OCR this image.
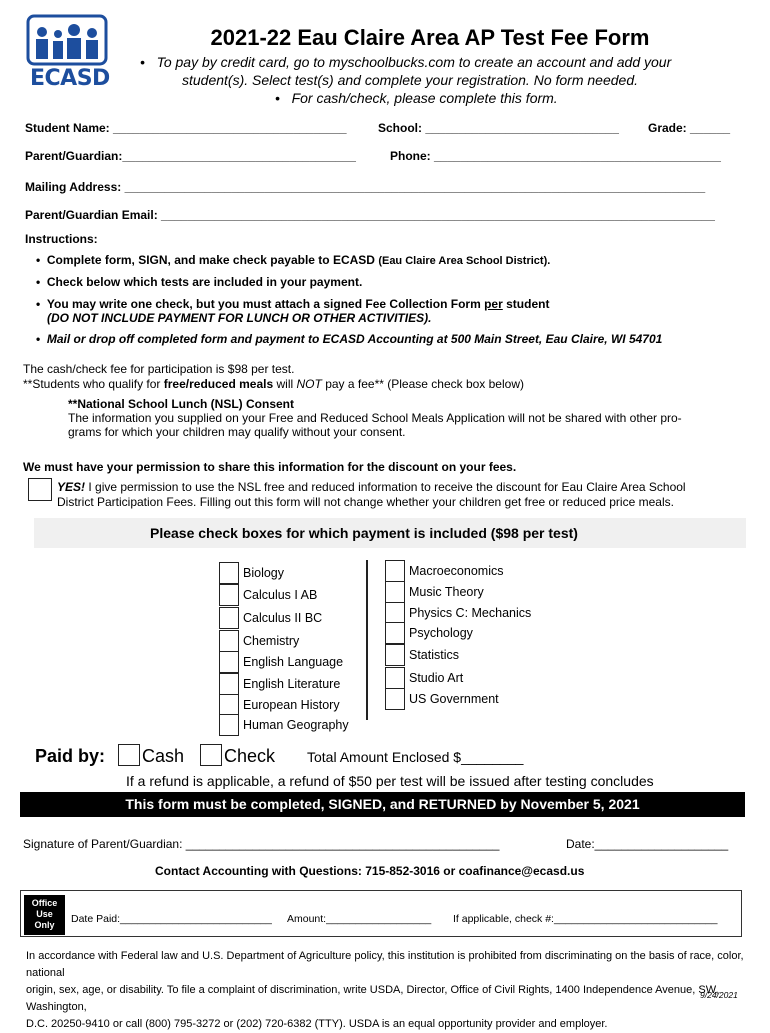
ECASD
2021-22 Eau Claire Area AP Test Fee Form
•   To pay by credit card, go to myschoolbucks.com to create an account and add your
student(s). Select test(s) and complete your registration. No form needed.
•   For cash/check, please complete this form.
Student Name: ___________________________________	School: _____________________________ Grade: ______
Parent/Guardian:___________________________________	Phone: ___________________________________________
Mailing Address: _______________________________________________________________________________________
Parent/Guardian Email: ___________________________________________________________________________________
Instructions:
•  Complete form, SIGN, and make check payable to ECASD (Eau Claire Area School District).
•  Check below which tests are included in your payment.
•  You may write one check, but you must attach a signed Fee Collection Form per student
(DO NOT INCLUDE PAYMENT FOR LUNCH OR OTHER ACTIVITIES).
• Mail or drop off completed form and payment to ECASD Accounting at 500 Main Street, Eau Claire, WI 54701
The cash/check fee for participation is $98 per test.
**Students who qualify for free/reduced meals will NOT pay a fee** (Please check box below)
**National School Lunch (NSL) Consent
The information you supplied on your Free and Reduced School Meals Application will not be shared with other pro-
grams for which your children may qualify without your consent.
We must have your permission to share this information for the discount on your fees.
YES! I give permission to use the NSL free and reduced information to receive the discount for Eau Claire Area School
District Participation Fees. Filling out this form will not change whether your children get free or reduced price meals.
Please check boxes for which payment is included ($98 per test)
Biology
Calculus I AB
Calculus II BC
Chemistry
English Language
English Literature
European History
Human Geography
Macroeconomics
Music Theory
Physics C: Mechanics
Psychology
Statistics
Studio Art
US Government
Paid by: Cash Check Total Amount Enclosed $________
If a refund is applicable, a refund of $50 per test will be issued after testing concludes
This form must be completed, SIGNED, and RETURNED by November 5, 2021
Signature of Parent/Guardian: _______________________________________________	Date:____________________
Contact Accounting with Questions: 715-852-3016 or coafinance@ecasd.us
Office
Use
Only	Date Paid:__________________________ Amount:__________________ If applicable, check #:____________________________
In accordance with Federal law and U.S. Department of Agriculture policy, this institution is prohibited from discriminating on the basis of race, color, national
origin, sex, age, or disability. To file a complaint of discrimination, write USDA, Director, Office of Civil Rights, 1400 Independence Avenue, SW, Washington,
D.C. 20250-9410 or call (800) 795-3272 or (202) 720-6382 (TTY). USDA is an equal opportunity provider and employer.
9/24/2021
